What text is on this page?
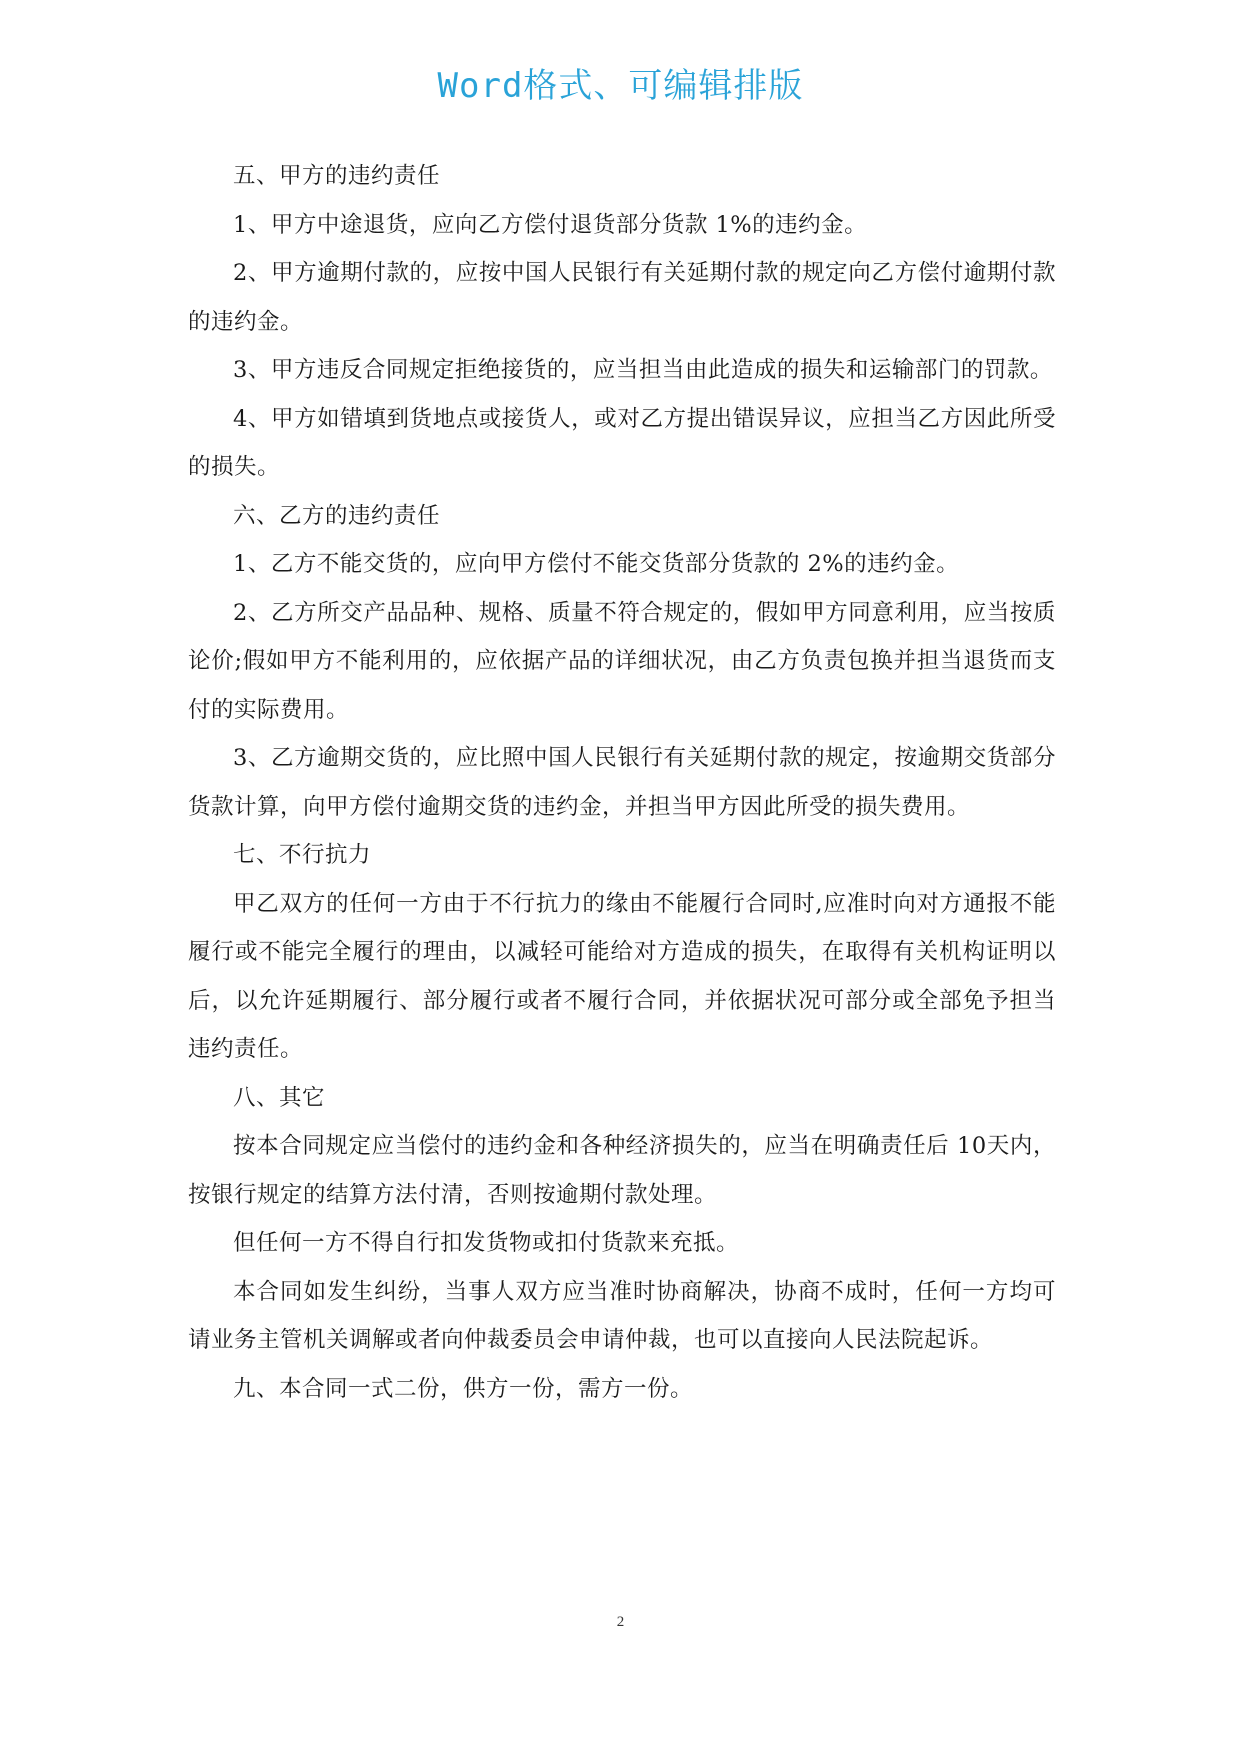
Word格式、可编辑排版

五、甲方的违约责任

1、甲方中途退货，应向乙方偿付退货部分货款 1%的违约金。

2、甲方逾期付款的，应按中国人民银行有关延期付款的规定向乙方偿付逾期付款的违约金。

3、甲方违反合同规定拒绝接货的，应当担当由此造成的损失和运输部门的罚款。

4、甲方如错填到货地点或接货人，或对乙方提出错误异议，应担当乙方因此所受的损失。

六、乙方的违约责任

1、乙方不能交货的，应向甲方偿付不能交货部分货款的 2%的违约金。

2、乙方所交产品品种、规格、质量不符合规定的，假如甲方同意利用，应当按质论价;假如甲方不能利用的，应依据产品的详细状况，由乙方负责包换并担当退货而支付的实际费用。

3、乙方逾期交货的，应比照中国人民银行有关延期付款的规定，按逾期交货部分货款计算，向甲方偿付逾期交货的违约金，并担当甲方因此所受的损失费用。

七、不行抗力

甲乙双方的任何一方由于不行抗力的缘由不能履行合同时,应准时向对方通报不能履行或不能完全履行的理由，以减轻可能给对方造成的损失，在取得有关机构证明以后，以允许延期履行、部分履行或者不履行合同，并依据状况可部分或全部免予担当违约责任。

八、其它

按本合同规定应当偿付的违约金和各种经济损失的，应当在明确责任后 10天内，按银行规定的结算方法付清，否则按逾期付款处理。

但任何一方不得自行扣发货物或扣付货款来充抵。

本合同如发生纠纷，当事人双方应当准时协商解决，协商不成时，任何一方均可请业务主管机关调解或者向仲裁委员会申请仲裁，也可以直接向人民法院起诉。

九、本合同一式二份，供方一份，需方一份。

2
